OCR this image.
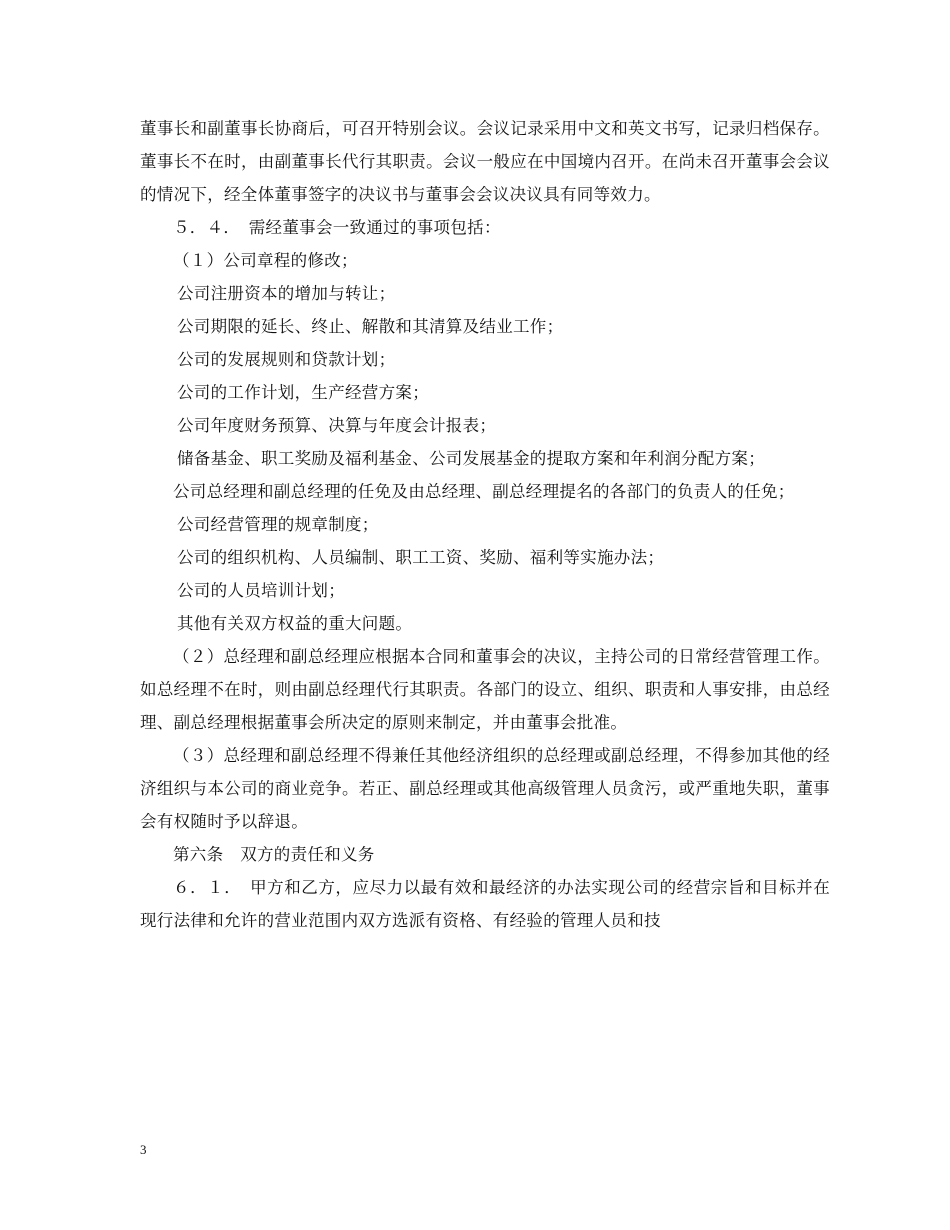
董事长和副董事长协商后，可召开特别会议。会议记录采用中文和英文书写，记录归档保存。董事长不在时，由副董事长代行其职责。会议一般应在中国境内召开。在尚未召开董事会会议的情况下，经全体董事签字的决议书与董事会会议决议具有同等效力。

５．４．　需经董事会一致通过的事项包括：

（１）公司章程的修改；

公司注册资本的增加与转让；

公司期限的延长、终止、解散和其清算及结业工作；

公司的发展规则和贷款计划；

公司的工作计划，生产经营方案；

公司年度财务预算、决算与年度会计报表；

储备基金、职工奖励及福利基金、公司发展基金的提取方案和年利润分配方案；

公司总经理和副总经理的任免及由总经理、副总经理提名的各部门的负责人的任免；

公司经营管理的规章制度；

公司的组织机构、人员编制、职工工资、奖励、福利等实施办法；

公司的人员培训计划；

其他有关双方权益的重大问题。

（２）总经理和副总经理应根据本合同和董事会的决议，主持公司的日常经营管理工作。如总经理不在时，则由副总经理代行其职责。各部门的设立、组织、职责和人事安排，由总经理、副总经理根据董事会所决定的原则来制定，并由董事会批准。

（３）总经理和副总经理不得兼任其他经济组织的总经理或副总经理，不得参加其他的经济组织与本公司的商业竞争。若正、副总经理或其他高级管理人员贪污，或严重地失职，董事会有权随时予以辞退。

第六条　双方的责任和义务

６．１．　甲方和乙方，应尽力以最有效和最经济的办法实现公司的经营宗旨和目标并在现行法律和允许的营业范围内双方选派有资格、有经验的管理人员和技

3
